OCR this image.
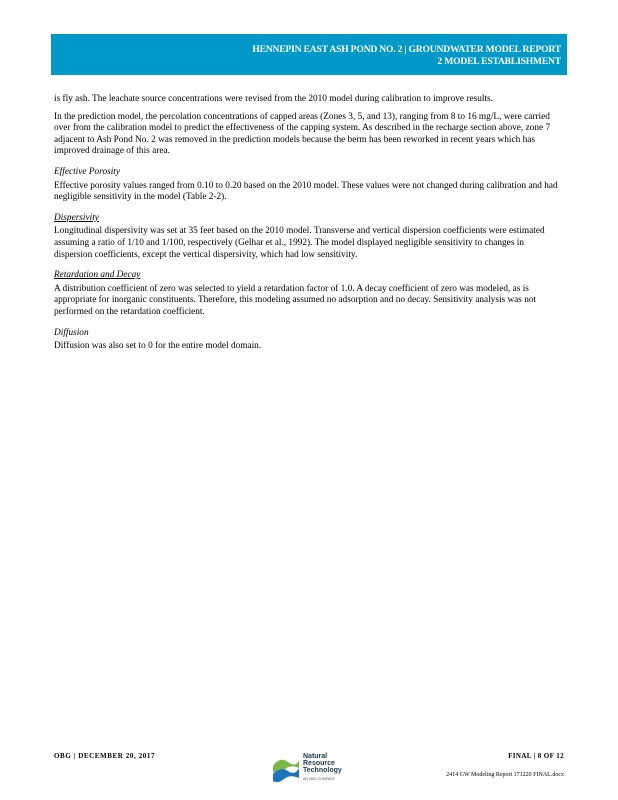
HENNEPIN EAST ASH POND NO. 2 | GROUNDWATER MODEL REPORT
2 MODEL ESTABLISHMENT

is fly ash. The leachate source concentrations were revised from the 2010 model during calibration to improve results.

In the prediction model, the percolation concentrations of capped areas (Zones 3, 5, and 13), ranging from 8 to 16 mg/L, were carried over from the calibration model to predict the effectiveness of the capping system. As described in the recharge section above, zone 7 adjacent to Ash Pond No. 2 was removed in the prediction models because the berm has been reworked in recent years which has improved drainage of this area.

Effective Porosity

Effective porosity values ranged from 0.10 to 0.20 based on the 2010 model. These values were not changed during calibration and had negligible sensitivity in the model (Table 2-2).

Dispersivity

Longitudinal dispersivity was set at 35 feet based on the 2010 model. Transverse and vertical dispersion coefficients were estimated assuming a ratio of 1/10 and 1/100, respectively (Gelhar et al., 1992). The model displayed negligible sensitivity to changes in dispersion coefficients, except the vertical dispersivity, which had low sensitivity.

Retardation and Decay

A distribution coefficient of zero was selected to yield a retardation factor of 1.0. A decay coefficient of zero was modeled, as is appropriate for inorganic constituents. Therefore, this modeling assumed no adsorption and no decay. Sensitivity analysis was not performed on the retardation coefficient.

Diffusion

Diffusion was also set to 0 for the entire model domain.

OBG | DECEMBER 20, 2017	Natural
Resource
Technology
AN OBG COMPANY
FINAL | 8 OF 12
2414 GW Modeling Report 171220 FINAL.docx
